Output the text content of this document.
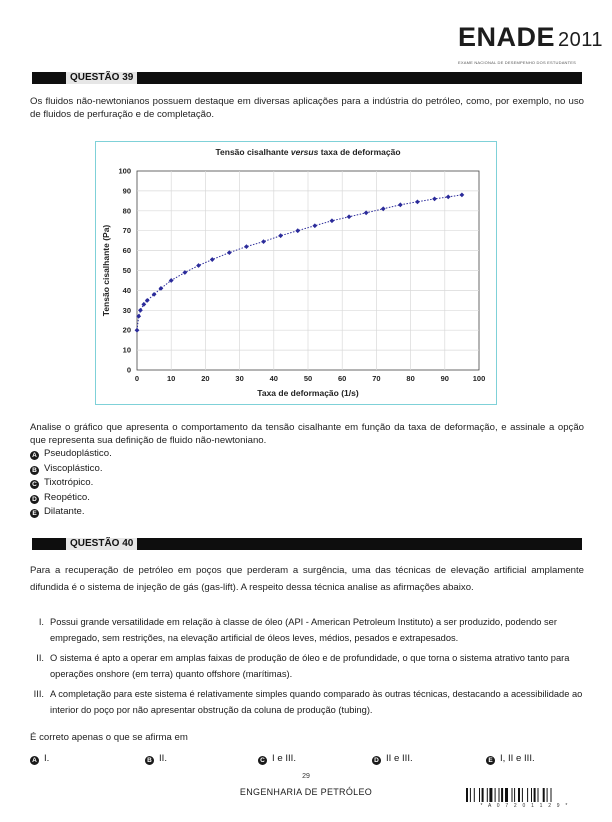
ENADE 2011
EXAME NACIONAL DE DESEMPENHO DOS ESTUDANTES
QUESTÃO 39
Os fluidos não-newtonianos possuem destaque em diversas aplicações para a indústria do petróleo, como, por exemplo, no uso de fluidos de perfuração e de completação.
0
10
20
30
40
50
60
70
80
90
100
0	10	20	30	40	50	60	70	80	90	100
Tensão cisalhante versus taxa de deformação
Taxa de deformação (1/s)
Tensão cisalhante (Pa)
Analise o gráfico que apresenta o comportamento da tensão cisalhante em função da taxa de deformação, e assinale a opção que representa sua definição de fluido não-newtoniano.
A Pseudoplástico.
B Viscoplástico.
C Tixotrópico.
D Reopético.
E Dilatante.
QUESTÃO 40
Para a recuperação de petróleo em poços que perderam a surgência, uma das técnicas de elevação artificial amplamente difundida é o sistema de injeção de gás (gas-lift). A respeito dessa técnica analise as afirmações abaixo.
I. Possui grande versatilidade em relação à classe de óleo (API - American Petroleum Instituto) a ser produzido, podendo ser empregado, sem restrições, na elevação artificial de óleos leves, médios, pesados e extrapesados.
II. O sistema é apto a operar em amplas faixas de produção de óleo e de profundidade, o que torna o sistema atrativo tanto para operações onshore (em terra) quanto offshore (marítimas).
III. A completação para este sistema é relativamente simples quando comparado às outras técnicas, destacando a acessibilidade ao interior do poço por não apresentar obstrução da coluna de produção (tubing).
É correto apenas o que se afirma em
A I.	B II.	C I e III.	D II e III.	E I, II e III.
29
ENGENHARIA DE PETRÓLEO
* A 0 7 2 0 1 1 2 9 *
